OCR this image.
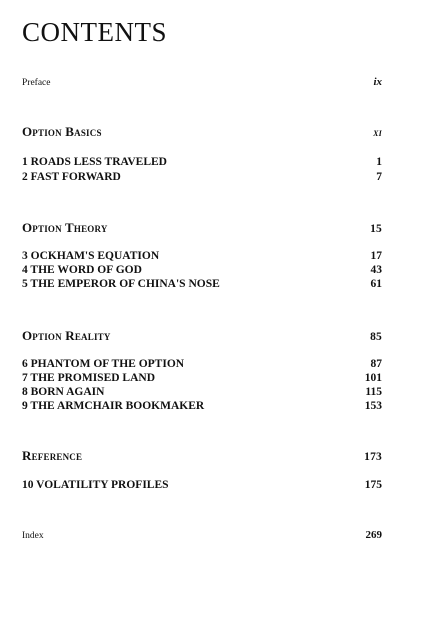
CONTENTS
Preface	ix
Option Basics	xi
1 ROADS LESS TRAVELED	1
2 FAST FORWARD	7
Option Theory	15
3 OCKHAM'S EQUATION	17
4 THE WORD OF GOD	43
5 THE EMPEROR OF CHINA'S NOSE	61
Option Reality	85
6 PHANTOM OF THE OPTION	87
7 THE PROMISED LAND	101
8 BORN AGAIN	115
9 THE ARMCHAIR BOOKMAKER	153
Reference	173
10 VOLATILITY PROFILES	175
Index	269
